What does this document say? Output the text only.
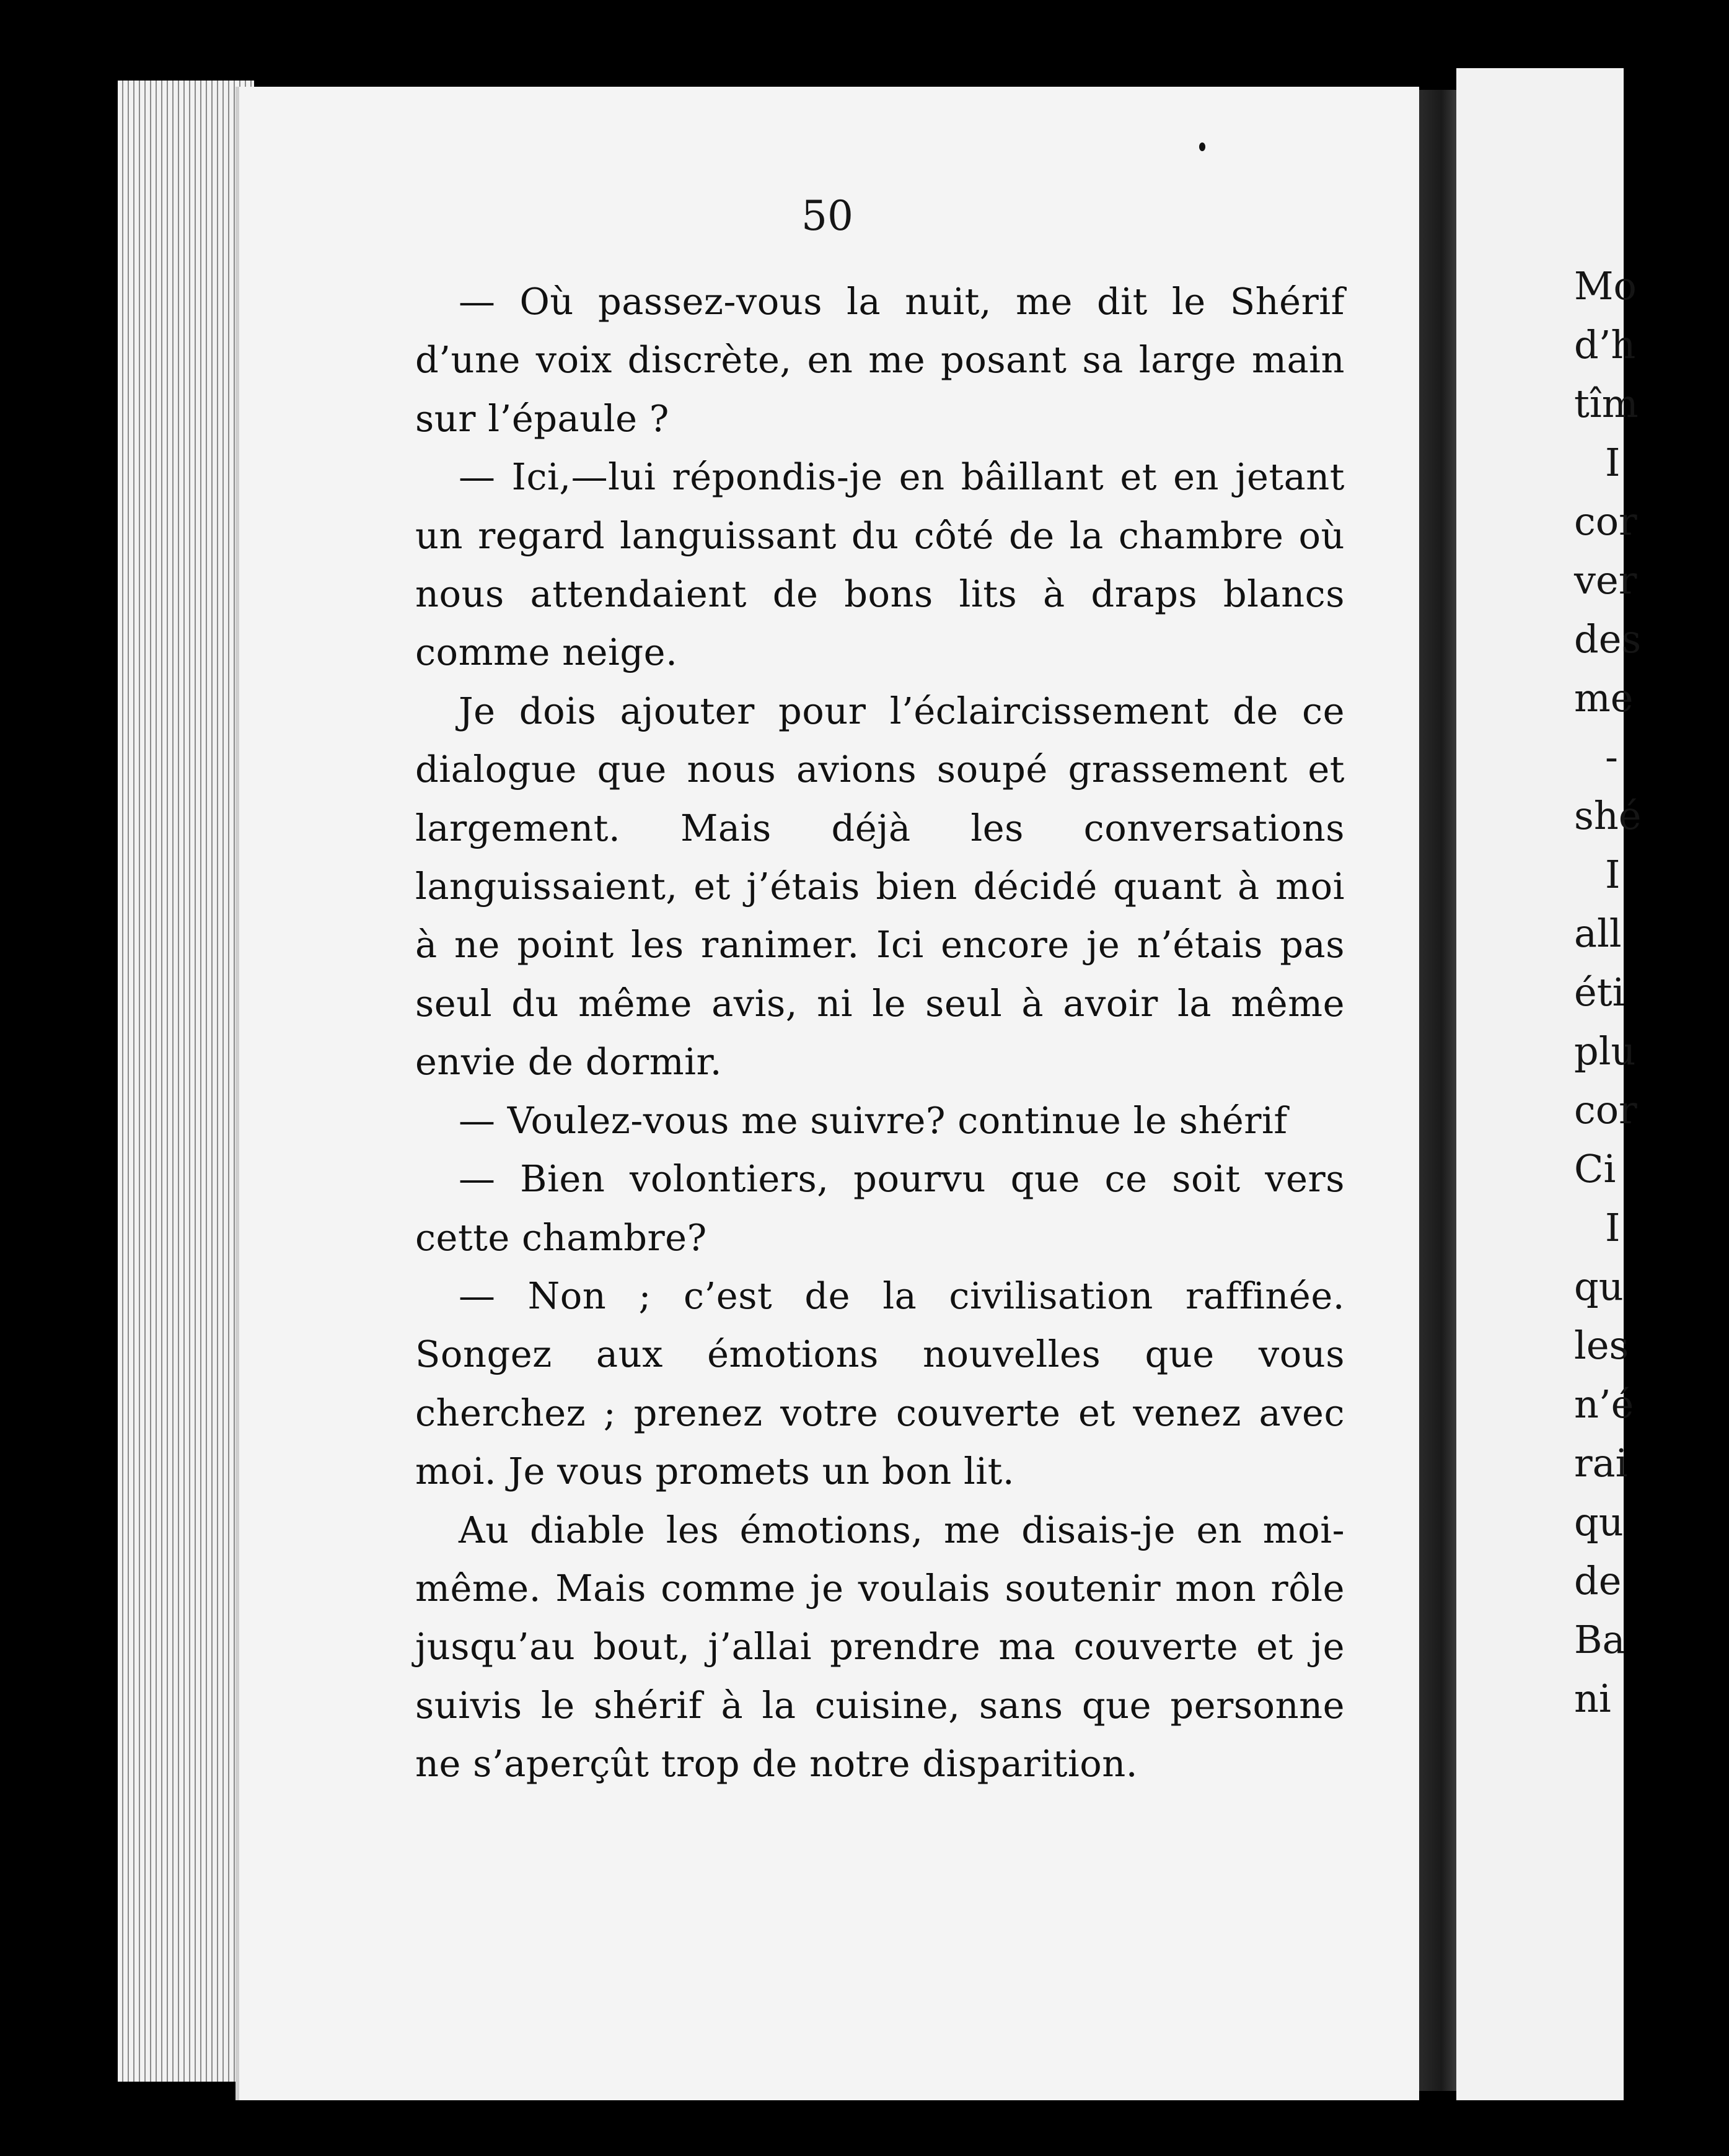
50

— Où passez-vous la nuit, me dit le Shérif d’une voix discrète, en me posant sa large main sur l’épaule ?

— Ici,—lui répondis-je en bâillant et en jetant un regard languissant du côté de la chambre où nous attendaient de bons lits à draps blancs comme neige.

Je dois ajouter pour l’éclaircissement de ce dialogue que nous avions soupé grassement et largement. Mais déjà les conversations languissaient, et j’étais bien décidé quant à moi à ne point les ranimer. Ici encore je n’étais pas seul du même avis, ni le seul à avoir la même envie de dormir.

— Voulez-vous me suivre? continue le shérif

— Bien volontiers, pourvu que ce soit vers cette chambre?

— Non ; c’est de la civilisation raffinée. Songez aux émotions nouvelles que vous cherchez ; prenez votre couverte et venez avec moi. Je vous promets un bon lit.

Au diable les émotions, me disais-je en moi-même. Mais comme je voulais soutenir mon rôle jusqu’au bout, j’allai prendre ma couverte et je suivis le shérif à la cuisine, sans que personne ne s’aperçût trop de notre disparition.

Mo
d’h
tîm
I
cor
ver
des
me
-
shé
I
all
éti
plu
cor
Ci
I
qu
les
n’é
rai
qu
de
Ba
ni
